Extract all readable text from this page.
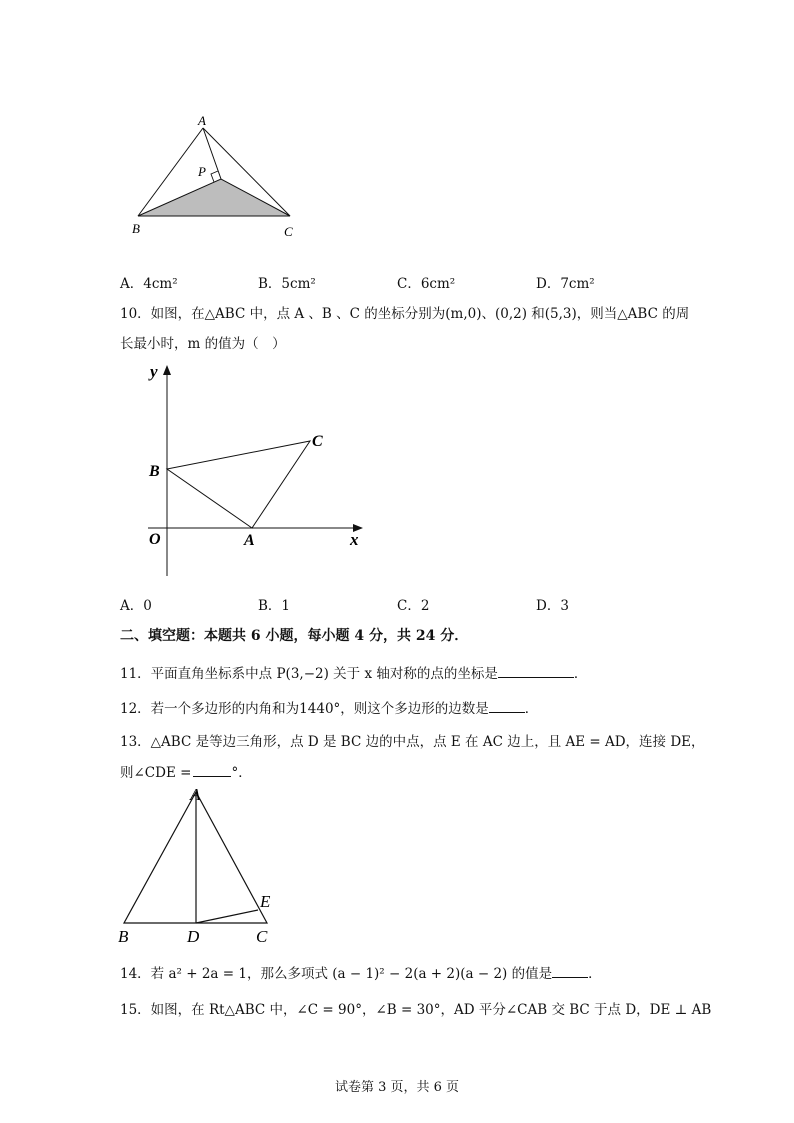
A
P
B	C
A．4cm²	B．5cm²	C．6cm²	D．7cm²
10．如图，在△ABC 中，点 A 、B 、C 的坐标分别为(m,0)、(0,2) 和(5,3)，则当△ABC 的周
长最小时，m 的值为（　）
y
x
O	A
B
C
A．0	B．1	C．2	D．3
二、填空题：本题共 6 小题，每小题 4 分，共 24 分．
11．平面直角坐标系中点 P(3,−2) 关于 x 轴对称的点的坐标是	．
12．若一个多边形的内角和为1440°，则这个多边形的边数是	．
13．△ABC 是等边三角形，点 D 是 BC 边的中点，点 E 在 AC 边上，且 AE = AD，连接 DE，
则∠CDE =	°．
A
B	D	C
E
14．若 a² + 2a = 1，那么多项式 (a − 1)² − 2(a + 2)(a − 2) 的值是	．
15．如图，在 Rt△ABC 中，∠C = 90°，∠B = 30°，AD 平分∠CAB 交 BC 于点 D，DE ⊥ AB
试卷第 3 页，共 6 页
